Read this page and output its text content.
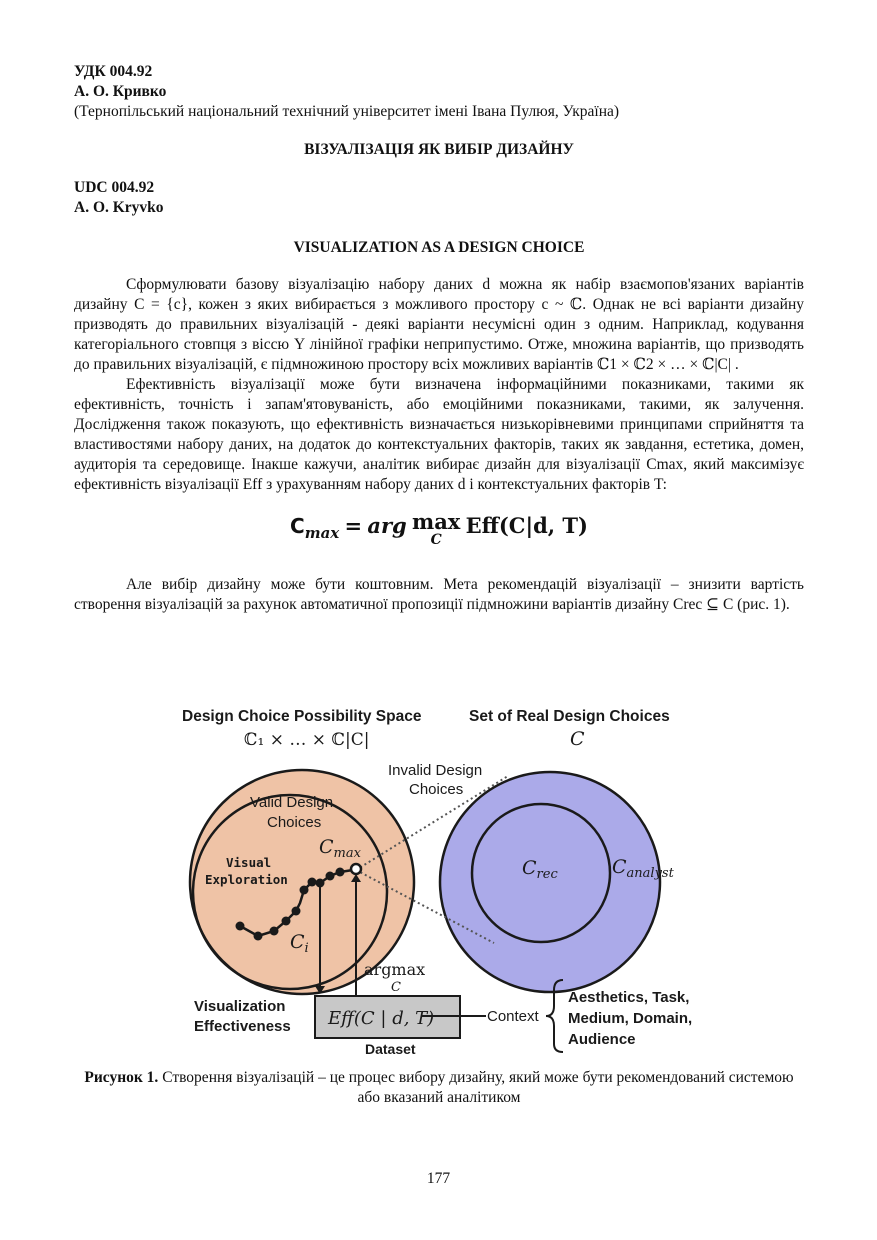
УДК 004.92
А. О. Кривко
(Тернопільський національний технічний університет імені Івана Пулюя, Україна)
ВІЗУАЛІЗАЦІЯ ЯК ВИБІР ДИЗАЙНУ
UDC 004.92
A. O. Kryvko
VISUALIZATION AS A DESIGN CHOICE

Сформулювати базову візуалізацію набору даних d можна як набір взаємопов'язаних варіантів дизайну C = {c}, кожен з яких вибирається з можливого простору c ~ ℂ. Однак не всі варіанти дизайну призводять до правильних візуалізацій - деякі варіанти несумісні один з одним. Наприклад, кодування категоріального стовпця з віссю Y лінійної графіки неприпустимо. Отже, множина варіантів, що призводять до правильних візуалізацій, є підмножиною простору всіх можливих варіантів ℂ1 × ℂ2 × … × ℂ|C| .

Ефективність візуалізації може бути визначена інформаційними показниками, такими як ефективність, точність і запам'ятовуваність, або емоційними показниками, такими, як залучення. Дослідження також показують, що ефективність визначається низькорівневими принципами сприйняття та властивостями набору даних, на додаток до контекстуальних факторів, таких як завдання, естетика, домен, аудиторія та середовище. Інакше кажучи, аналітик вибирає дизайн для візуалізації Cmax, який максимізує ефективність візуалізації Eff з урахуванням набору даних d і контекстуальних факторів T:

$C_{max}$ = arg max
C
Eff(C|d, T)

Але вибір дизайну може бути коштовним. Мета рекомендацій візуалізації – знизити вартість створення візуалізацій за рахунок автоматичної пропозиції підмножини варіантів дизайну Crec ⊆ C (рис. 1).

Design Choice Possibility Space
ℂ₁ × … × ℂ|C|
Set of Real Design Choices
C
Invalid Design
Choices
Valid Design
Choices
Visual
Exploration
$C_{max}$
$C_i$
$C_{rec}$	$C_{analyst}$
argmax
C
Eff(C | d, T)
Dataset
Visualization
Effectiveness
Context
Aesthetics, Task,
Medium, Domain,
Audience
Рисунок 1. Створення візуалізацій – це процес вибору дизайну, який може бути рекомендований системою або вказаний аналітиком
177
